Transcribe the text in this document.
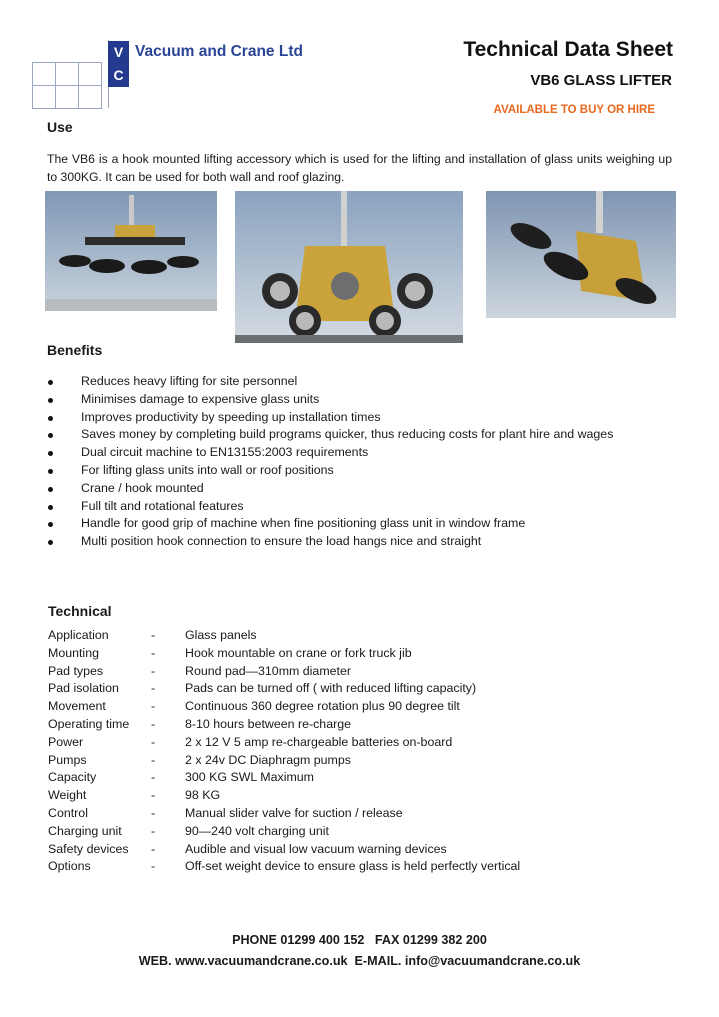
V
C
Vacuum and Crane Ltd	Technical Data Sheet
VB6 GLASS LIFTER
AVAILABLE TO BUY OR HIRE
Use
The VB6 is a hook mounted lifting accessory which is used for the lifting and installation of glass units weighing up to 300KG. It can be used for both wall and roof glazing.
Benefits
Reduces heavy lifting for site personnel
Minimises damage to expensive glass units
Improves productivity by speeding up installation times
Saves money by completing build programs quicker, thus reducing costs for plant hire and wages
Dual circuit machine to EN13155:2003 requirements
For lifting glass units into wall or roof positions
Crane / hook mounted
Full tilt and rotational features
Handle for good grip of machine when fine positioning glass unit in window frame
Multi position hook connection to ensure the load hangs nice and straight
Technical
Application	- Glass panels
Mounting	- Hook mountable on crane or fork truck jib
Pad types	- Round pad—310mm diameter
Pad isolation	- Pads can be turned off ( with reduced lifting capacity)
Movement	- Continuous 360 degree rotation plus 90 degree tilt
Operating time - 8-10 hours between re-charge
Power	- 2 x 12 V 5 amp re-chargeable batteries on-board
Pumps	- 2 x 24v DC Diaphragm pumps
Capacity	- 300 KG SWL Maximum
Weight	- 98 KG
Control	- Manual slider valve for suction / release
Charging unit - 90—240 volt charging unit
Safety devices - Audible and visual low vacuum warning devices
Options	- Off-set weight device to ensure glass is held perfectly vertical
PHONE 01299 400 152   FAX 01299 382 200
WEB. www.vacuumandcrane.co.uk  E-MAIL. info@vacuumandcrane.co.uk
